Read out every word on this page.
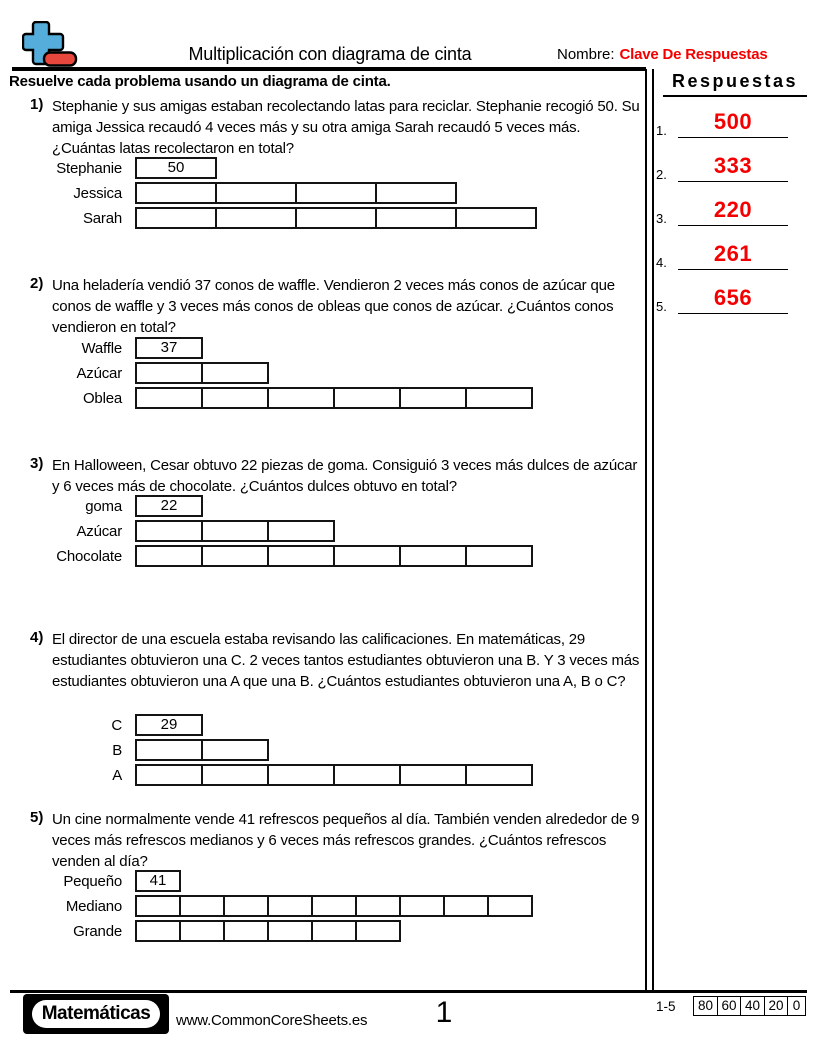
Multiplicación con diagrama de cinta	Nombre: Clave De Respuestas
Resuelve cada problema usando un diagrama de cinta.	Respuestas
1.	500
2.	333
3.	220
4.	261
5.	656
1) Stephanie y sus amigas estaban recolectando latas para reciclar. Stephanie recogió 50. Su amiga Jessica recaudó 4 veces más y su otra amiga Sarah recaudó 5 veces más. ¿Cuántas latas recolectaron en total?
Stephanie	50
Jessica
Sarah
2) Una heladería vendió 37 conos de waffle. Vendieron 2 veces más conos de azúcar que conos de waffle y 3 veces más conos de obleas que conos de azúcar. ¿Cuántos conos vendieron en total?
Waffle	37
Azúcar
Oblea
3) En Halloween, Cesar obtuvo 22 piezas de goma. Consiguió 3 veces más dulces de azúcar y 6 veces más de chocolate. ¿Cuántos dulces obtuvo en total?
goma	22
Azúcar
Chocolate
4) El director de una escuela estaba revisando las calificaciones. En matemáticas, 29 estudiantes obtuvieron una C. 2 veces tantos estudiantes obtuvieron una B. Y 3 veces más estudiantes obtuvieron una A que una B. ¿Cuántos estudiantes obtuvieron una A, B o C?
C	29
B
A
5) Un cine normalmente vende 41 refrescos pequeños al día. También venden alrededor de 9 veces más refrescos medianos y 6 veces más refrescos grandes. ¿Cuántos refrescos venden al día?
Pequeño	41
Mediano
Grande
Matemáticas	www.CommonCoreSheets.es	1	1-5	80 60 40 20 0
